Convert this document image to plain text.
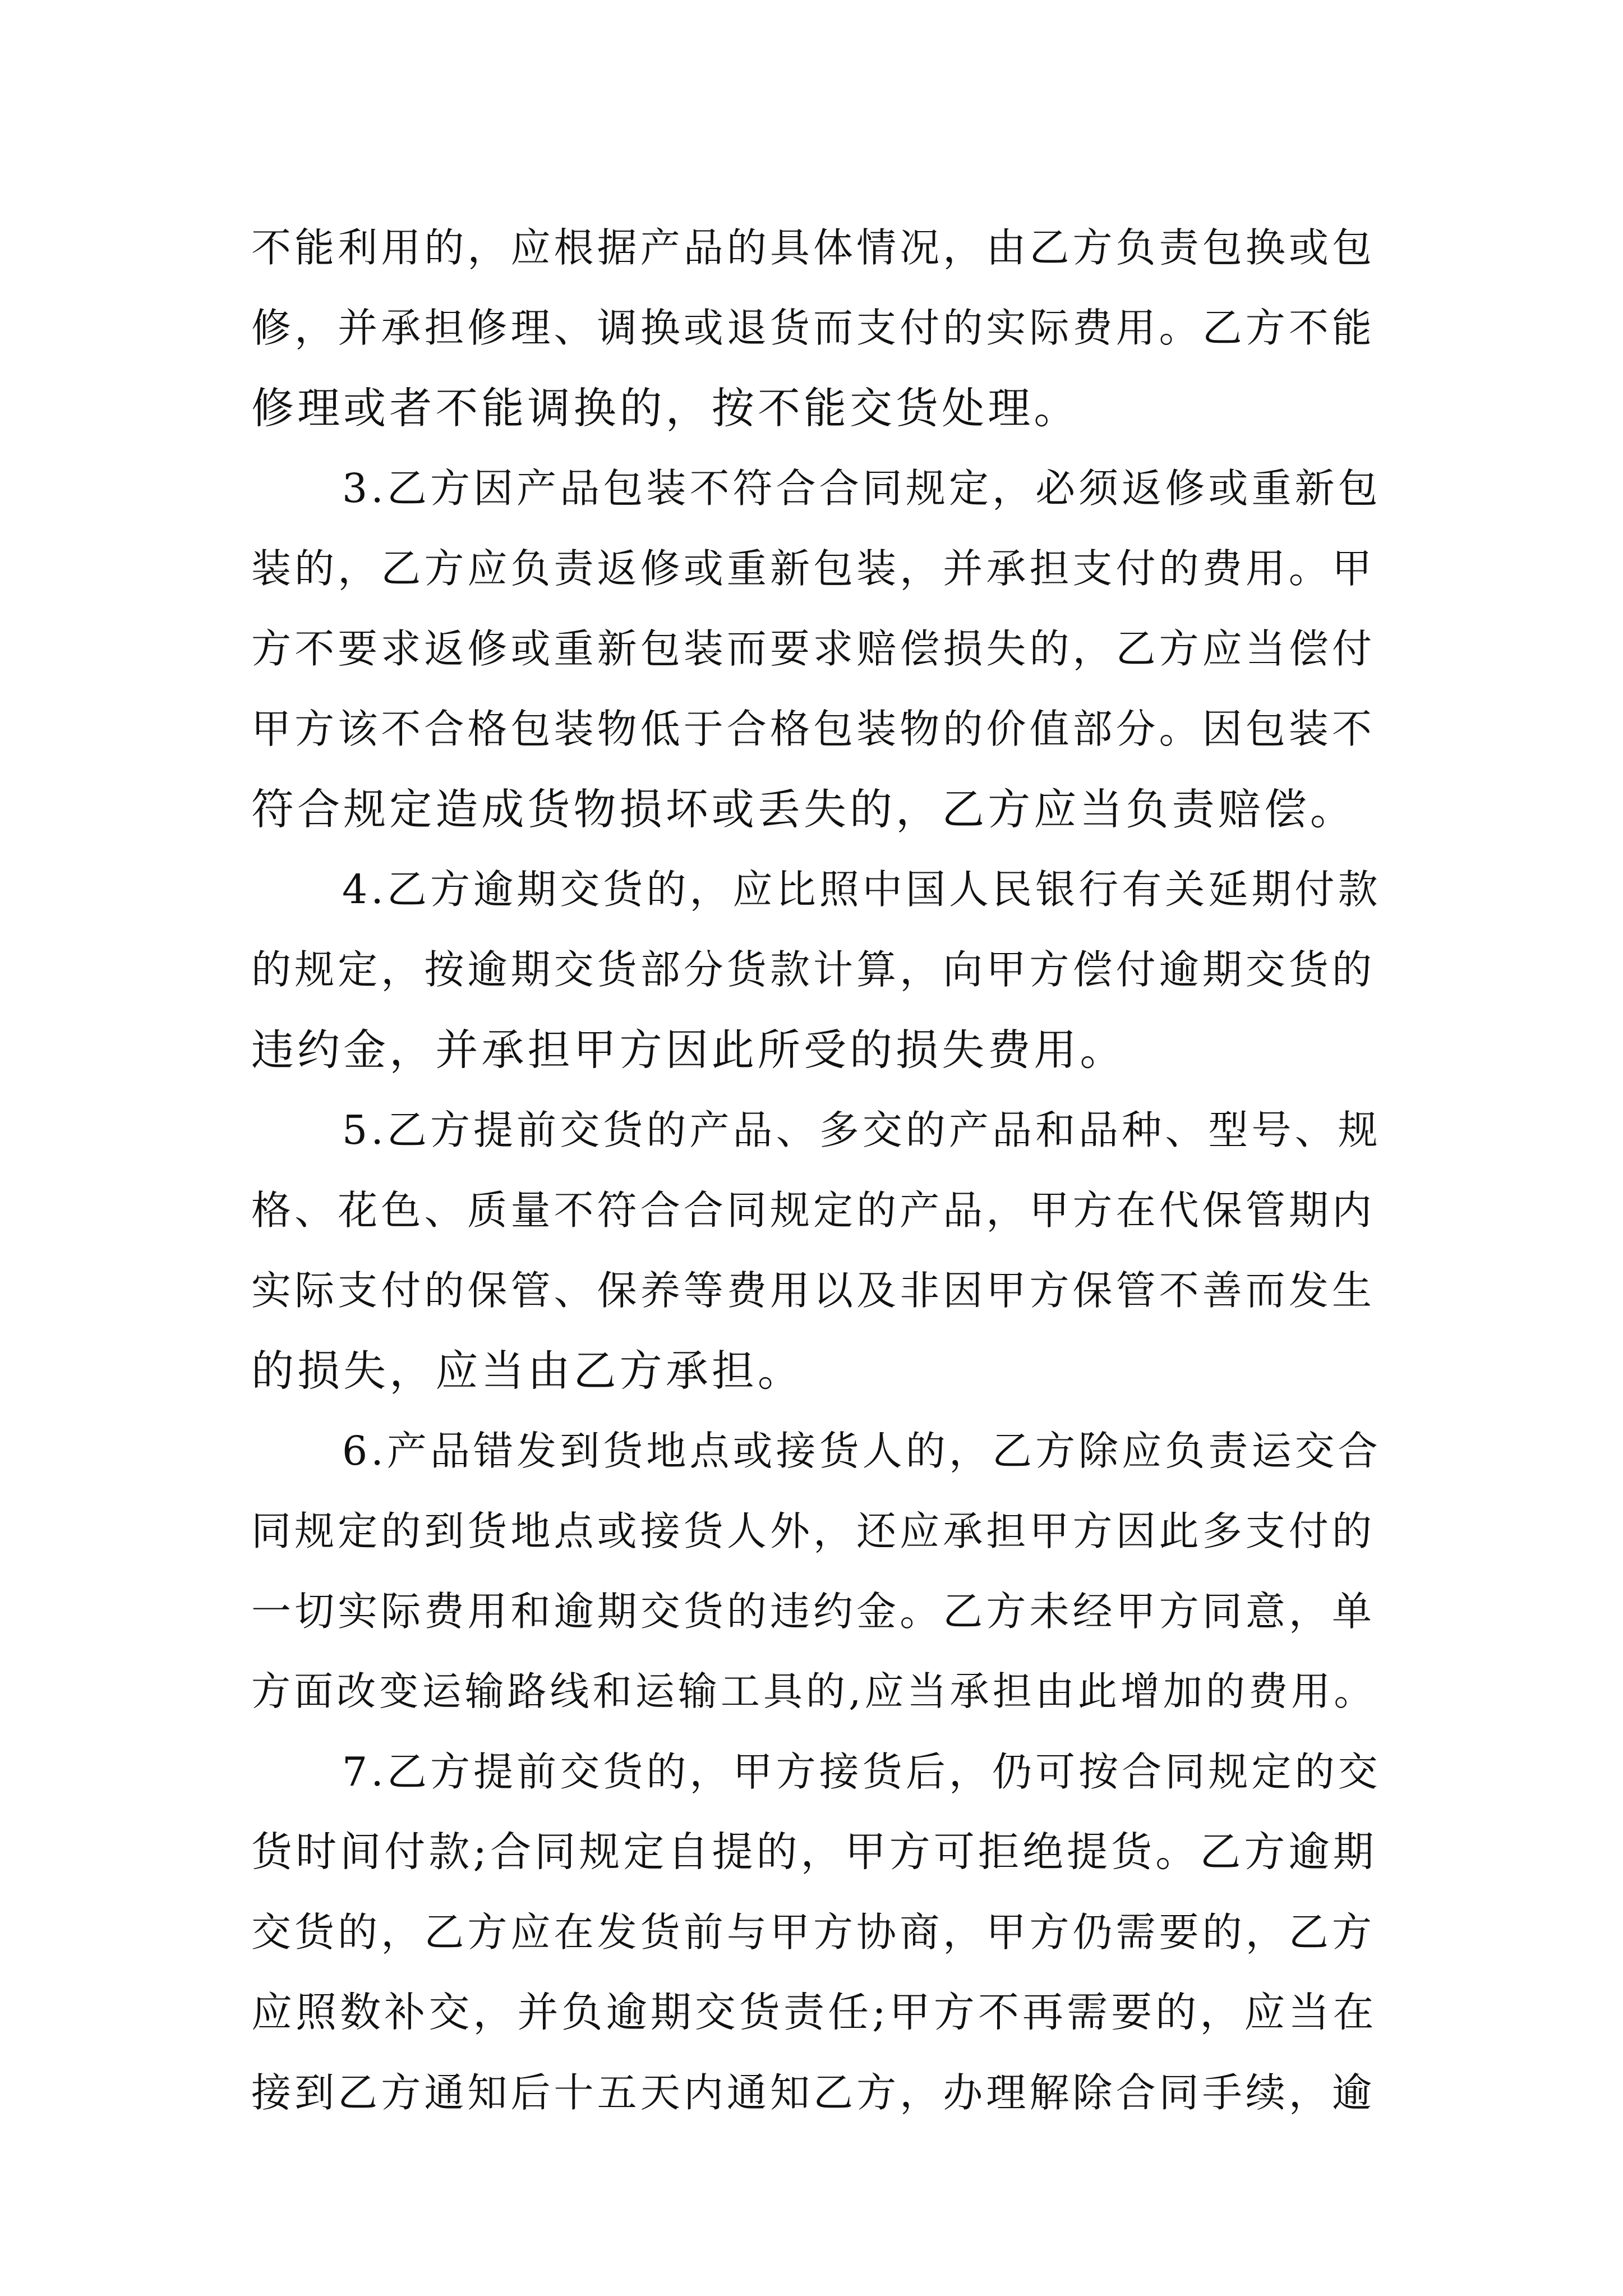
不能利用的，应根据产品的具体情况，由乙方负责包换或包
修，并承担修理、调换或退货而支付的实际费用。乙方不能
修理或者不能调换的，按不能交货处理。
3.乙方因产品包装不符合合同规定，必须返修或重新包
装的，乙方应负责返修或重新包装，并承担支付的费用。甲
方不要求返修或重新包装而要求赔偿损失的，乙方应当偿付
甲方该不合格包装物低于合格包装物的价值部分。因包装不
符合规定造成货物损坏或丢失的，乙方应当负责赔偿。
4.乙方逾期交货的，应比照中国人民银行有关延期付款
的规定，按逾期交货部分货款计算，向甲方偿付逾期交货的
违约金，并承担甲方因此所受的损失费用。
5.乙方提前交货的产品、多交的产品和品种、型号、规
格、花色、质量不符合合同规定的产品，甲方在代保管期内
实际支付的保管、保养等费用以及非因甲方保管不善而发生
的损失，应当由乙方承担。
6.产品错发到货地点或接货人的，乙方除应负责运交合
同规定的到货地点或接货人外，还应承担甲方因此多支付的
一切实际费用和逾期交货的违约金。乙方未经甲方同意，单
方面改变运输路线和运输工具的,应当承担由此增加的费用。
7.乙方提前交货的，甲方接货后，仍可按合同规定的交
货时间付款;合同规定自提的，甲方可拒绝提货。乙方逾期
交货的，乙方应在发货前与甲方协商，甲方仍需要的，乙方
应照数补交，并负逾期交货责任;甲方不再需要的，应当在
接到乙方通知后十五天内通知乙方，办理解除合同手续，逾
